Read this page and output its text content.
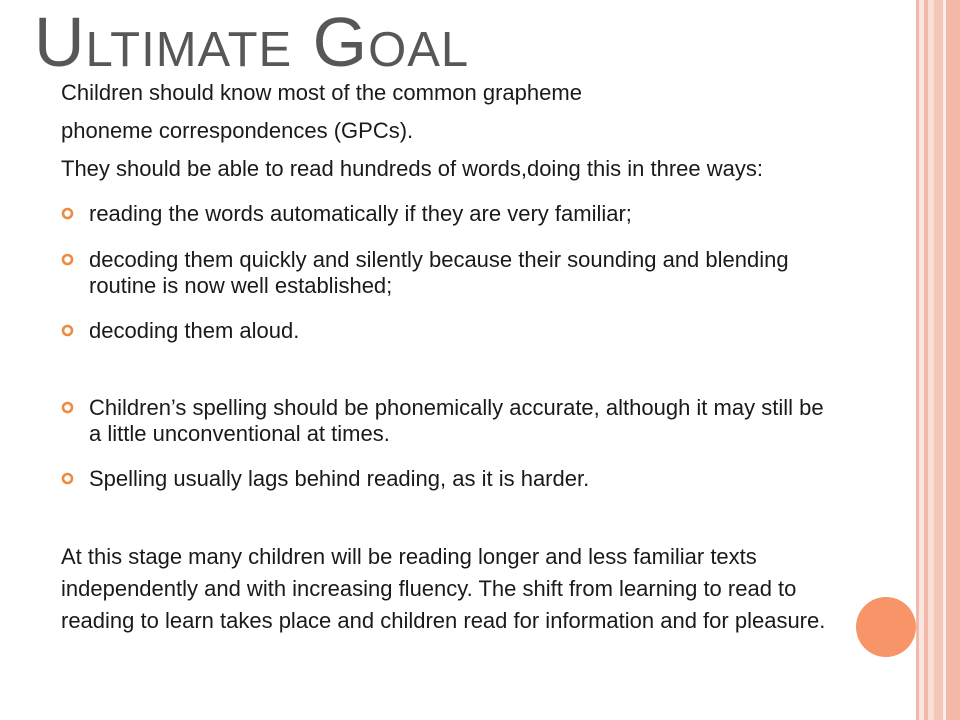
Ultimate Goal

Children should know most of the common grapheme

phoneme correspondences (GPCs).

They should be able to read hundreds of words,doing this in three ways:

reading the words automatically if they are very familiar;
decoding them quickly and silently because their sounding and blending routine is now well established;
decoding them aloud.
Children’s spelling should be phonemically accurate, although it may still be a little unconventional at times.
Spelling usually lags behind reading, as it is harder.

At this stage many children will be reading longer and less familiar texts independently and with increasing fluency. The shift from learning to read to reading to learn takes place and children read for information and for pleasure.
